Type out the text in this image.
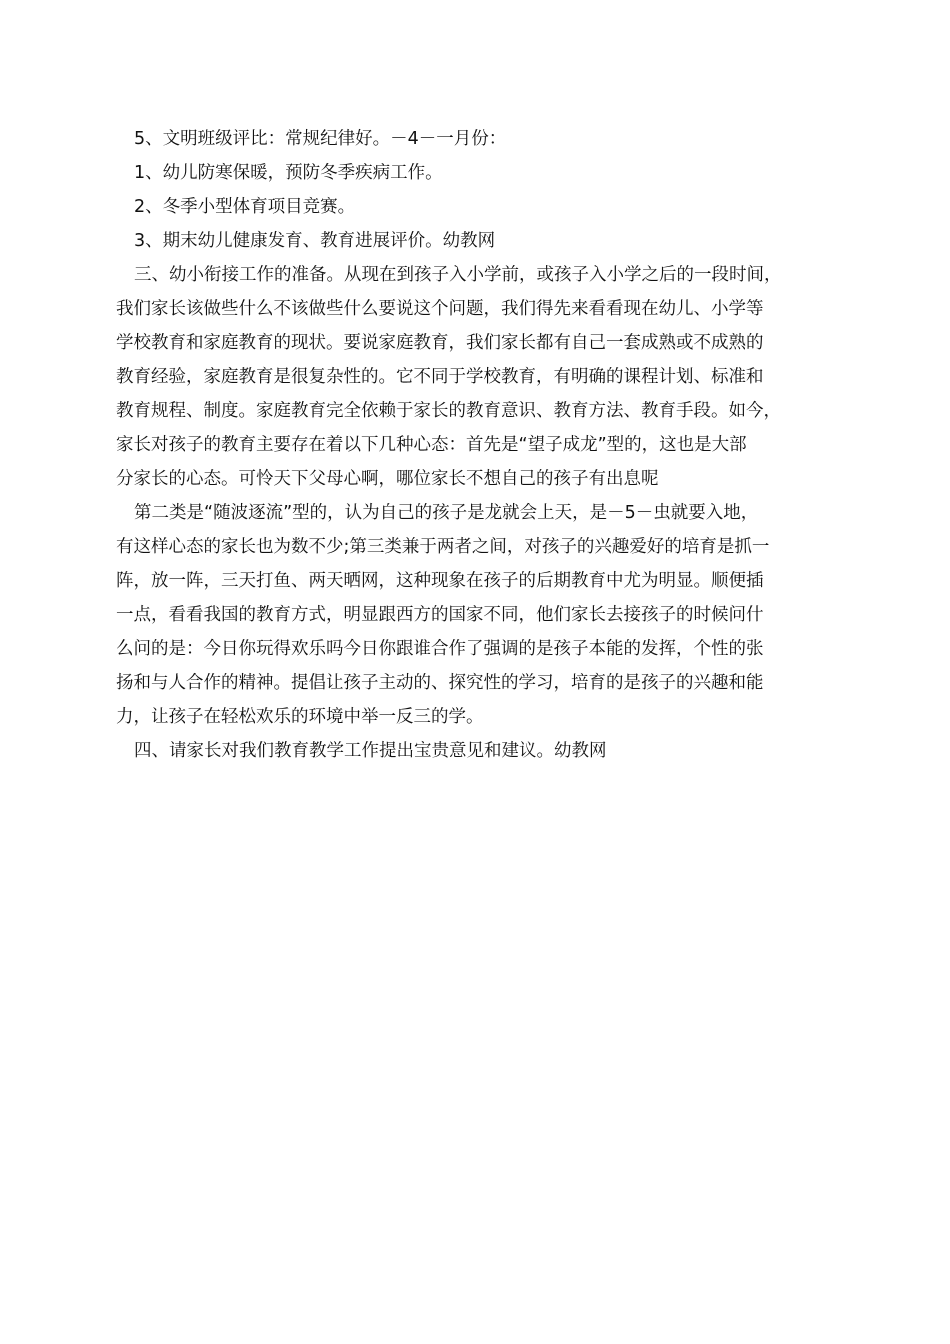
5、文明班级评比：常规纪律好。－4－一月份：
1、幼儿防寒保暖，预防冬季疾病工作。
2、冬季小型体育项目竞赛。
3、期末幼儿健康发育、教育进展评价。幼教网
三、幼小衔接工作的准备。从现在到孩子入小学前，或孩子入小学之后的一段时间，
我们家长该做些什么不该做些什么要说这个问题，我们得先来看看现在幼儿、小学等
学校教育和家庭教育的现状。要说家庭教育，我们家长都有自己一套成熟或不成熟的
教育经验，家庭教育是很复杂性的。它不同于学校教育，有明确的课程计划、标准和
教育规程、制度。家庭教育完全依赖于家长的教育意识、教育方法、教育手段。如今，
家长对孩子的教育主要存在着以下几种心态：首先是“望子成龙”型的，这也是大部
分家长的心态。可怜天下父母心啊，哪位家长不想自己的孩子有出息呢
第二类是“随波逐流”型的，认为自己的孩子是龙就会上天，是－5－虫就要入地，
有这样心态的家长也为数不少;第三类兼于两者之间，对孩子的兴趣爱好的培育是抓一
阵，放一阵，三天打鱼、两天晒网，这种现象在孩子的后期教育中尤为明显。顺便插
一点，看看我国的教育方式，明显跟西方的国家不同，他们家长去接孩子的时候问什
么问的是：今日你玩得欢乐吗今日你跟谁合作了强调的是孩子本能的发挥，个性的张
扬和与人合作的精神。提倡让孩子主动的、探究性的学习，培育的是孩子的兴趣和能
力，让孩子在轻松欢乐的环境中举一反三的学。
四、请家长对我们教育教学工作提出宝贵意见和建议。幼教网
